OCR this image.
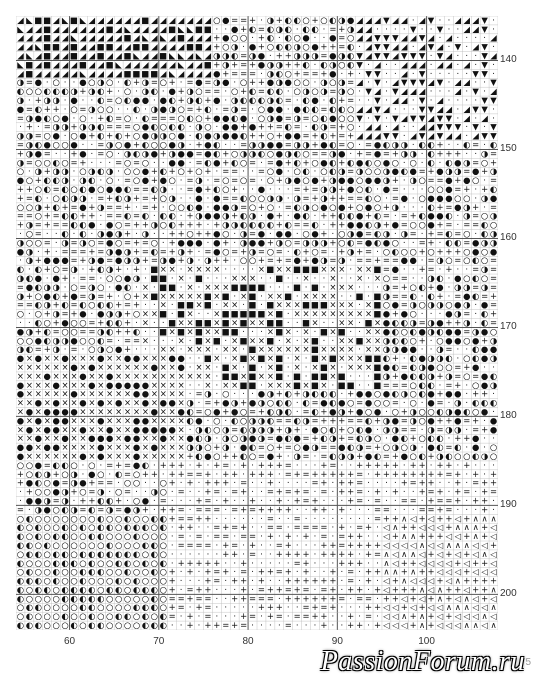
◢ ◣ ■ ■ ◢ ◣ ■ ◣ ◢ ◢ ◢ ◢ ◢ ◢ ■ ◢ ◢ ◢ ◢ ◢ ◢ ◢ ○ ● = = + · ◑ + ◐ ◐ ○ + ○ ◐ ◑ ● ◢ ◢ ◢ ▼ ◢ ◢ · ◢ ▼ · · ◢ ◢ ◢ ▼ ·
◣ ◢ ◢ ■ ◢ ◢ ◢ ◢ ◢ ◢ ■ ◢ ◣ ◢ ◢ ◢ ◢ ■ ◣ ◣ ■ ■ · · ● + ◐ = ◐ ◑ ◐ · ◐ ◐ · = + ◑ ◢ ◢ · · · · ▼ · · ▼ · · ◢ ◢ ▼ ·
◢ ◢ ◢ ■ ◢ ◢ ◣ ◢ ◢ ◢ ◢ ◢ ■ ◢ ◣ ◢ ◣ ◢ ■ ◢ ◢ ◢ + ● ○ ○ · + ◐ · ◐ ○ ● · · ● = ○ ◢ ◢ ▼ ▼ ▼ ◢ ◢ ▼ ◢ · ◢ · · · · ◢
◢ ◢ ◣ ■ ■ ◢ ■ ◢ ◢ ■ ■ ◢ ◢ ■ ■ ◢ ◢ ◢ ◢ ■ ■ ◢ + ○ ◑ · ● + ○ ◐ ◐ ◑ ○ ● + + = ◐ · ◢ ▼ ▼ ◢ ◢ · ◢ ▼ ◢ · ▼ · ◢ ▼ ·
◢ ◣ ◢ ■ ◢ ◢ ■ ◢ ◢ ■ ◢ ◢ ■ ◣ ◢ ◢ ■ ◣ ◣ ◢ ◣ ◢ ◑ ◑ ◐ = ◑ ● · + + ◑ ◑ ◑ = ● ◑ ◐ ▼ ◢ ▼ ▼ ◢ ▼ ▼ ▼ · ▼ ◢ · · · ▼ ◢
◣ ■ ◢ ■ ◢ ◢ ◢ ■ ◢ ◢ ■ ◣ ◢ ◢ ◢ ◢ ◢ ◢ ◣ ◢ ◢ ■ + ◑ + = + ● ◑ ◑ + + ◐ · ◐ ◑ ○ ◐ ▼ · ◢ · · ◢ ◢ ◢ · ◢ ◢ · ◢ · ▼ ·
◢ ■ ◢ ◢ ◢ ◢ ◢ ◣ ◢ ◢ ◢ ◢ ■ ■ ■ ■ ◢ ◣ ◢ ◢ ◢ ◢ ● + = = = · ◑ ◐ ○ + = = + ● · + · ▼ ▼ · · ◢ · ▼ · · · · · ▼ ▼ ·
◑ = ● · ○ · · ● ○ ◑ ○ · ◐ + ◑ = ○ + · = ● = ◑ ● · ○ + + ● ◑ ● ○ ○ · ◑ ○ ◑ = ◢ · ▼ · ◢ ▼ ▼ ▼ ◢ ▼ · ◢ ◢ · · ▼
◐ ○ ○ ◐ ◐ ◐ ◑ + ◑ ◐ + · ○ · ◑ ◐ · ● + ◑ ○ = = · ○ + ◐ = ◐ ◐ · ○ ◑ ○ ◑ = ◑ ○ · ▼ ◢ · ▼ ◢ ◢ ◢ · · · ◢ · ▼ · ◢
◑ · + ◑ ◑ · ● · · ◐ = ○ ◐ ● ● · ● ◐ + ◑ ◐ + ● · ◑ ◐ ◐ ◐ ◑ ◐ = · ◐ ● · ◐ + = · · ▼ · ◢ ◢ · ▼ · ◢ · · · · ▼ ▼
● = ◐ + + · ○ = ◑ ○ ○ · · ◐ · ◑ ● ◑ ○ = + ◐ · = ◑ = · ○ ● ● · ● ◐ ◐ = ◐ ◐ ○ ◢ ◢ ▼ ◢ · · · ▼ ▼ ◢ ◢ · ◢ ▼ ▼ ·
= ◑ ● ◐ ○ ● · ○ · + ◐ = ○ · ◐ = = = ○ ◐ ○ + ● ● ◐ ● · ○ ◑ ● = ◑ = ○ ◐ ● ○ ○ ▼ · ▼ · ▼ ◢ ▼ ▼ ◢ ▼ ▼ · ◢ · ◢ ·
· + · = ◑ ◑ + ◑ ◑ ◐ = = = ○ ● ◐ ○ ◐ ◐ · ◑ ○ · ● ● + ● + + = ◐ = · ◐ ◑ = + ○ · ◢ ◢ · ◢ · · ◢ ◢ ▼ ▼ ▼ · ▼ · ▼
◑ ◑ = ○ ● · ○ ● + ◐ + ◐ + ○ ● ◑ ◑ ○ ● · ◐ ● ◑ ● ● ◐ + + ○ + ● ● = + ◐ + = + ◢ ◢ ◢ ▼ ▼ · ◢ ▼ ◢ ▼ ◢ ◢ · ◢ ▼ ▼
= ◑ ◐ ● ○ ○ ● · · = ◑ ○ ● + ◐ ○ ○ ● ◑ · + ● ◐ · · = ◑ ◑ ● ● = ◑ ◑ + ● ◐ = ○ · = ● ◐ ◑ ◑ · ◐ ◐ + · · ◐ = · ◐
+ ◑ ● = · · + ● · = ○ · ◑ ◐ ◑ ● + ◑ ● ● = ● ◐ + ○ ◑ ◑ ◐ ○ ● ◑ ◐ ○ = = ◑ ● · + = ● = + ◑ ◑ · ◐ + + + · · ◑ =
◑ = ○ ○ ◐ ○ = + · · · = ○ = ○ · · ● ● · = ◐ ● + ◐ ○ = · = ● + ◐ + ○ ● ◐ + ◐ ● ◐ ○ ● ○ · ○ · ◐ · ◐ ● ◑ = ○ +
○ · ◑ + ◑ ◑ · ○ ◑ ◐ ◑ · ○ ○ ● + ◐ + ○ + ○ + · = = · · = ○ ● · ○ ◐ · ○ ◐ ◑ = ◑ ○ ○ ◑ ● ◐ ● = + ● ◑ ◑ = ● + ◑
● ○ + ◐ ◐ ◑ · ◑ ◐ · ○ · = ○ ● + ● ○ · = ◑ · = ○ = ○ = · ○ + ◑ ● ○ ● + ◑ ● ● ○ ● ● ◑ + · ◑ ○ = = ● + ● ○ · =
+ + ○ ◐ = ◐ ○ ◐ ● ○ ● ● ◐ = = ◐ ◑ · · = ● + ◐ ○ + · · ● · · · = + = ◑ ◑ + ● ○ ◐ · ● = · · · ○ ○ ● = + · + ◐
+ = ◐ · ○ ◐ ◑ ◑ · = + ◐ ◑ + = + ○ ◑ · · ● · ● = = ◐ ○ ○ ◑ ◑ · ◑ = + ◑ + + = = ◐ ○ · = ● · ○ ● ● ● ○ ○ · ◑ ●
○ ○ ◑ + ◐ + = ● + ◑ = = + · = + · ○ ○ ◐ ● · ● ● ◑ = ○ + ○ · = ◐ ◑ ○ ● ○ ● + ○ ● ○ + ◑ · · · ◐ + = ● ◑ + · =
= = ○ + = ◐ ◐ + + · = = ◐ = ◐ · ◐ ◐ · + ◑ ● ● ◑ + ◐ ◑ · ● + · ● ◐ · + + ◐ ◐ ● + ◐ = · = + ◐ ● ● ◐ · ◑ = ○ ◑
+ ◑ = + = = ◐ ◐ ● · ● ○ = + + ◑ ○ ◐ + + + · + ◑ ◑ ◐ ◐ ◐ ◐ + ◐ = = ◐ · + + ● ● ◐ ◑ + ● = ○ ○ ● + = · = = ◐ ○
· ○ = · · ◐ · ◐ · ◑ ● ◑ + · ◑ · · + + ○ + + ● ○ · ◑ = ● · ● ● · ○ ● + · ○ ◑ ● = ◐ ◑ · ◑ = · + = ◐ = ○ · ◐ ◑
◑ ○ ○ = · ◑ = ◑ ○ = ● ○ = + = ○ · + ● ● ● · ● + · ◑ ● ● + ◑ ○ = ◑ ◑ ◑ + ○ ◐ = ● ◐ ● ○ · · = + · ◐ ◐ = ● ◑ ◑
● ◑ · + · = = = + = ◑ ● ◑ + = ◐ = + ◑ + · = ● ○ = + ◑ = ○ = · ◐ + ○ = · + ◑ + = · ○ ◐ ○ ○ + ○ + + + ○ ● ○ ●
· ◑ + ● ● ● = + ◑ ● = ● ◑ ◑ + = ◑ ● + ◑ · ◑ + + · ○ ○ + = + = ● + ● ◑ = ◑ · = = + = = ● ● · = ◑ ○ = ○ ◐ ○ =
◐ · ◐ + ○ = ◑ · + ◐ ◑ + · + · ■ × × · × × × × · · · · × ■ × × ■ ■ ■ × × × · × × ■ = ● · · + = · + · · = ◑ =
◑ ◐ ● · ● + · = = · ○ ○ ● ◑ · ■ ■ · × · ■ · · · × × × · · ■ · · × · · × · · × · × ○ = = · · ◑ ◐ · ● ○ ◐ ○ =
= ● ◐ ◑ ◑ · ○ = ◑ ○ · ● ◐ · × · ■ ■ · × · × × × ■ ■ ■ ■ · · · ■ · ■ · × × × · · · ◑ = + ○ ◐ + ● · ◑ ◑ = ◑ =
◑ + ○ ● ◐ + ● = ◑ = + · ○ + × ■ × × × × × ■ × ■ · × ■ · × × ■ · × × × × · · ■ · ■ ◑ = = ◐ · ◐ + · = ● ◐ = +
= = ◐ ◑ + ◐ = ◐ ○ ◐ ◐ + = + · · × · ■ ■ × ■ · × × · ■ · ■ × × × ■ ■ ■ × × × · × ■ ○ ● = ◑ ○ ◑ ◑ ○ ● ◑ · ● =
○ · ○ + ◑ = + ● · ● ◑ ◑ + ○ × × ■ · ■ × · · × ■ ■ ■ ■ ■ × ■ · × × × × × × × × × ■ ● + ● ○ · · · ● ◑ = · ◐ +
· · ◐ ○ + ● ○ ○ = + ◐ ◐ + · × · · ■ × × ■ ■ × ■ × ■ × × ■ ■ · · ■ × · · × × · ■ × ● ◐ ◐ ◑ = ◑ ● + + ◑ · ◐ =
● ◑ + ◐ = ○ ○ = = ◑ ◐ + + ◐ · · ■ × ■ × ■ × × ■ ■ · · · × ■ × · × · ■ × ■ · · × × ● ◐ ○ ◐ ● ◑ ◐ ● ● = ◑ ● ○
○ ○ ● ◐ ◑ ◑ ● ○ ○ ◐ = · = = × · · · × · ■ × ■ · × ■ × × ■ · × · × ■ · · × × ■ × × ◑ ◐ ◐ ○ + · ○ ● ● ○ ● + ◑
◑ ◐ = + ◑ · = · ○ ◑ ○ ● + · · · × × · × × × · × × · ■ × × × × × × ■ × × × × · × × ◑ ◑ ● ● · · ◑ = · · ◐ ● ●
● × ● × × ● × × × ● × × ● ● × × × ● ● · · ■ × · × ■ × ■ × ■ · × · ■ × ■ × × × ■ ■ ◐ + · ◐ ● ◑ ◑ ◐ · ○ ◐ ● ◑
× × × × × × ● × ● × × × × × × ● × × ● · × × · ■ × · ■ · × ■ · × · × ■ × · × × × ■ ● ◐ = ◐ ◑ ● ○ ○ = + ● · ·
× × × ● × × × ● × × ● × × × × × × × × × × × · ■ ■ × ■ × × ■ · ■ · ■ ■ × ■ · · · ■ ◑ + ● ◐ ◐ ◑ + ◑ = ○ = ● ◐
● × × × ● × × × ● × ● ● ● ● ● × × × × · · × · × × ■ ■ · × × × ■ × ■ × · ■ ■ · · ■ = = = ○ ◐ ◐ · = + · ○ ● ◑
● × × × × × ● × × × × × × ● ● × × × × · = ◑ · ○ · · · ● ◑ + ◐ + ◑ ◐ ◐ ◐ · + ● ● ○ ● ◐ ◑ ○ ◐ ● + ● ● · + + ·
× × ● × ● × × ● × ● × ● × × ● × ● ● × ◑ · = + ● ◑ + ● ◑ ○ ◐ ◐ · ◐ = ● ◐ ● ○ = ● ○ ○ = · ○ · ● = · ◑ · ◐ ◐ ◐
× ● × ● ● ● ● × × × × × × × × ● × × ● ◐ = ○ ● + ● ○ = + ◐ ◑ ◐ · = ◐ + ● ◑ + ● ○ ● · ○ + ◑ ○ ○ ◐ ◑ ● ◐ ○ ● ·
● × ● × ● ● × × × ● × × × ● ● × × × × ◐ ● · ○ · ◐ ○ ◑ ◑ ◐ = = ◐ ◑ = + + + = = ◐ + ◑ ● = ◑ ○ ● + + ● = + · ●
× ● × ● ● × × ● × × ● × × ● ● ● ● ● × · ◑ ◐ ○ ◑ = ◐ ◑ ◑ ◑ + ◑ + · ● ○ ◐ + ○ ◐ ● · ◑ ◑ = = · ◑ = ◑ ◑ · = + ●
× × ● × × ● × × ● ● ● × ● ● × × ● × × ● ◐ ◑ · ◑ ○ ◑ ● ◑ = ● ◐ ● = + ◐ ◑ + = ◐ ◑ ○ · ● ◐ + ○ ◐ ◐ · + + ● · ·
● ● × ● ● × × × × ● × × × ● × ● × × × ◑ ◑ ○ + ◑ · ● ◐ = ○ + = ○ ● ◑ = = ● ◐ ◑ = + ○ ◑ ○ ◑ · ● ◐ = ◐ · ● · ○
● × × × × × × ● × ● × × × ● × × × × × + ◐ ● ○ + + ◐ ○ = ● + · ◑ = · = ◐ ◑ ◑ + ● ◐ = + ● ○ ◐ + ◑ ◐ ○ ○ ◐ ◑ ○
○ ○ ● = ◐ ◐ ○ · ○ · = + = ● ◐ · + + + · + · + = · + · + + + = · · · + = · · + + + + + · + + · + + · + · · ·
+ ○ ◐ ◑ + ○ ◑ · ● ○ · ◐ = ○ + + · + + = = + · + + · + + + · = + = + + + + + = · + + + + + + + + = + · + · +
+ ● ◐ ○ ● = ◑ ● + = = · ○ ○ · · ○ + · + · + + + · = · · + · · · · = + · + + = · · · · + = + + · · + · = + +
· + ○ ○ ● ◑ + ○ = ◑ · ○ = · · ◑ ○ · = · · + = · = + · · = + = + = · = · + + = · + · + · · + = + · + = · + =
· ● ● ◑ = ◑ · + + ◐ ◐ + · ○ ● · = · · · + = · + · · + · · + · + = + · · · + = · = · · = = · + = = + · + + ·
= · ◑ ● ○ ◐ ◑ = ◐ = ◑ = ● ◑ + · + + = · = = = · = + = + + + + · · + + · + · · · = = · · · = = + = · · · + ·
○ ◐ ○ ○ ○ ○ ○ ○ ○ ◐ ○ ○ ◐ ○ ○ ◐ ◐ + = = + + · · · · · · = · · = · · · · · · · · = + + ∧ ◁ + ◁ + + ◁ + ∧ ∧ ∧
◐ ○ ◐ ○ ○ ◐ ○ ◐ ○ ◐ ◐ ○ ◐ ◐ ◐ ○ ◐ · + + · · = + = + · · = = · = = = = · + · = + · ◁ ∧ + + ◁ ◁ ◁ + ∧ ∧ ∧ + ◁
◐ ○ ◐ ○ ◐ ◐ ○ ○ ◐ ◐ ○ ○ ○ ◐ ○ ○ ○ · = · = · = = · = = · + · + · + · = · = + + · · ◁ + ∧ ∧ + + + ◁ ◁ + ∧ + ◁
◐ ◐ ○ ◐ ○ ○ ○ ○ ○ ○ ◐ ○ ○ ○ ◐ ◐ ○ · = = = = · + = · + · · = + · · · + + = + + + + ◁ ◁ ◁ ◁ ∧ ◁ ◁ ∧ ∧ ∧ ◁ ◁ +
○ ◐ ◐ ○ ◐ ◐ ○ ◐ ◐ ◐ ◐ ◐ ◐ ◐ ○ ◐ ○ · · · · · · + + · = · · + + + + · + + + + · + = ∧ ◁ ∧ ∧ ◁ + ◁ + ◁ + ◁ ∧ ◁
◐ ○ ○ ○ ◐ ◐ ◐ ○ ◐ ○ ○ ◐ ◐ ○ ◐ ○ ◐ · + + + + + · · + · · · · · = + · · · + + + · · ∧ ◁ + + ◁ ◁ ◁ ◁ + ◁ + + ◁
○ ◐ ○ ○ ◐ ○ ○ ◐ ◐ ◐ ○ ○ ◐ ○ ○ ◐ ○ + · + · + = + · = · + + = + · + · · + · = · + + ∧ ∧ + ∧ + + ◁ ◁ ◁ + ◁ ◁ ◁
◐ ◐ ◐ ○ ◐ ○ ○ ◐ ○ ○ ○ ◐ ○ ◐ ○ ○ ○ + · · · + = · + + · + · · + + + + + + · = · + · ◁ + ∧ ◁ ◁ ◁ + ◁ ∧ + + + +
◐ ○ ◐ ◐ ○ ◐ ◐ ◐ ◐ ○ ◐ ◐ ○ ◐ ◐ ◐ ○ + · = + + · · · + · = + + = + = · = + · + + · + ◁ + + + ∧ ◁ ∧ + + ◁ + + ∧
◐ ○ ○ ○ ○ ◐ ◐ ◐ ◐ ◐ ○ ○ ○ ○ ○ ◐ ○ = = + = = · · + + = = = · + + + + + + = · = = · + + ◁ + ◁ + ∧ + ◁ ∧ ◁ + ◁
○ ◐ ◐ ○ ○ ○ ○ ◐ ◐ ○ ○ ○ ○ ◐ ◐ ◐ ○ + = · + = · · · · · + + + · · = + = + · · · + + ◁ ◁ + ◁ + ◁ ◁ ∧ ∧ ∧ ◁ ◁ ∧
○ ◐ ○ ○ ○ ◐ ○ ○ ◐ ○ ○ ◐ ◐ ○ ◐ ○ ◐ = · + · = · · · + = · + = · = = + + · · + · = · ◁ ◁ ∧ + ∧ + ◁ + ◁ ◁ ◁ ∧ ◁
◐ ◐ ◐ ○ ○ ○ ◐ ○ ◐ ◐ ○ ○ ○ ○ ◐ ◐ ◐ · · + · + + = + = · · · · = · · · + · · + + · + ◁ ◁ ◁ + ∧ + ◁ ◁ ◁ ∧ ∧ ◁ ∧
140
150
160
170
180
190
200
60	70	80	90	100
PassionForum.ru 5
